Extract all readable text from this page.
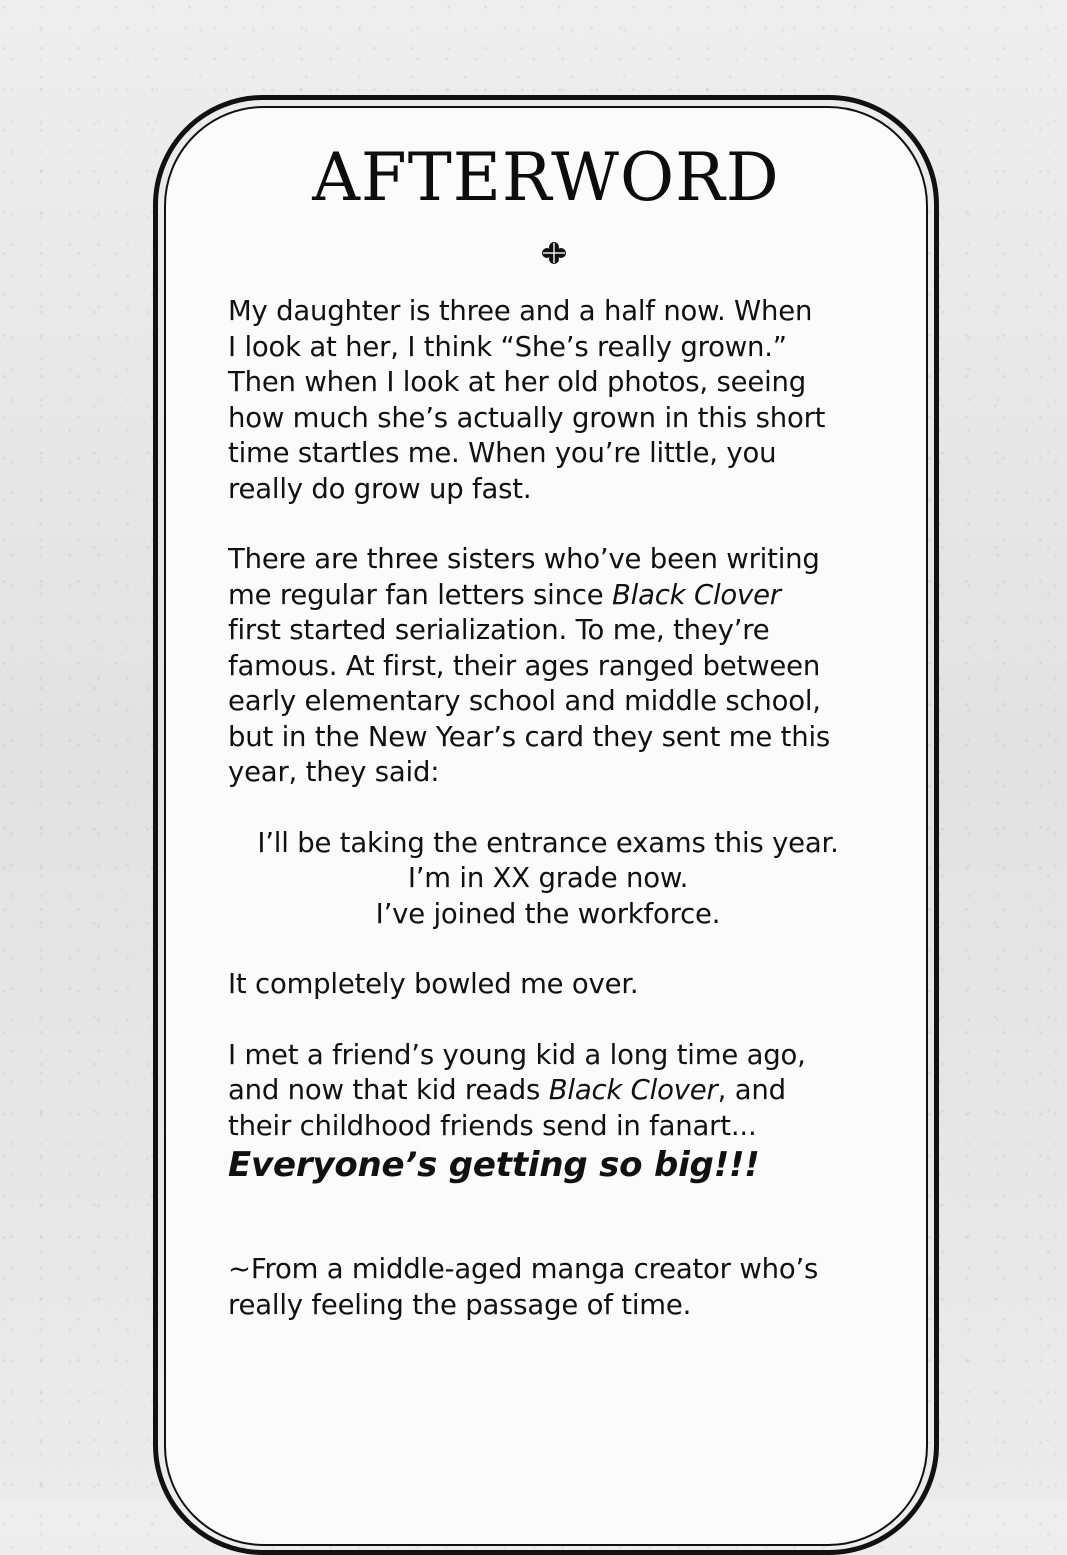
AFTERWORD

My daughter is three and a half now. When
I look at her, I think “She’s really grown.”
Then when I look at her old photos, seeing
how much she’s actually grown in this short
time startles me. When you’re little, you
really do grow up fast.

There are three sisters who’ve been writing
me regular fan letters since Black Clover
first started serialization. To me, they’re
famous. At first, their ages ranged between
early elementary school and middle school,
but in the New Year’s card they sent me this
year, they said:

I’ll be taking the entrance exams this year.
I’m in XX grade now.
I’ve joined the workforce.

It completely bowled me over.

I met a friend’s young kid a long time ago,
and now that kid reads Black Clover, and
their childhood friends send in fanart...
Everyone’s getting so big!!!

~From a middle-aged manga creator who’s
really feeling the passage of time.
